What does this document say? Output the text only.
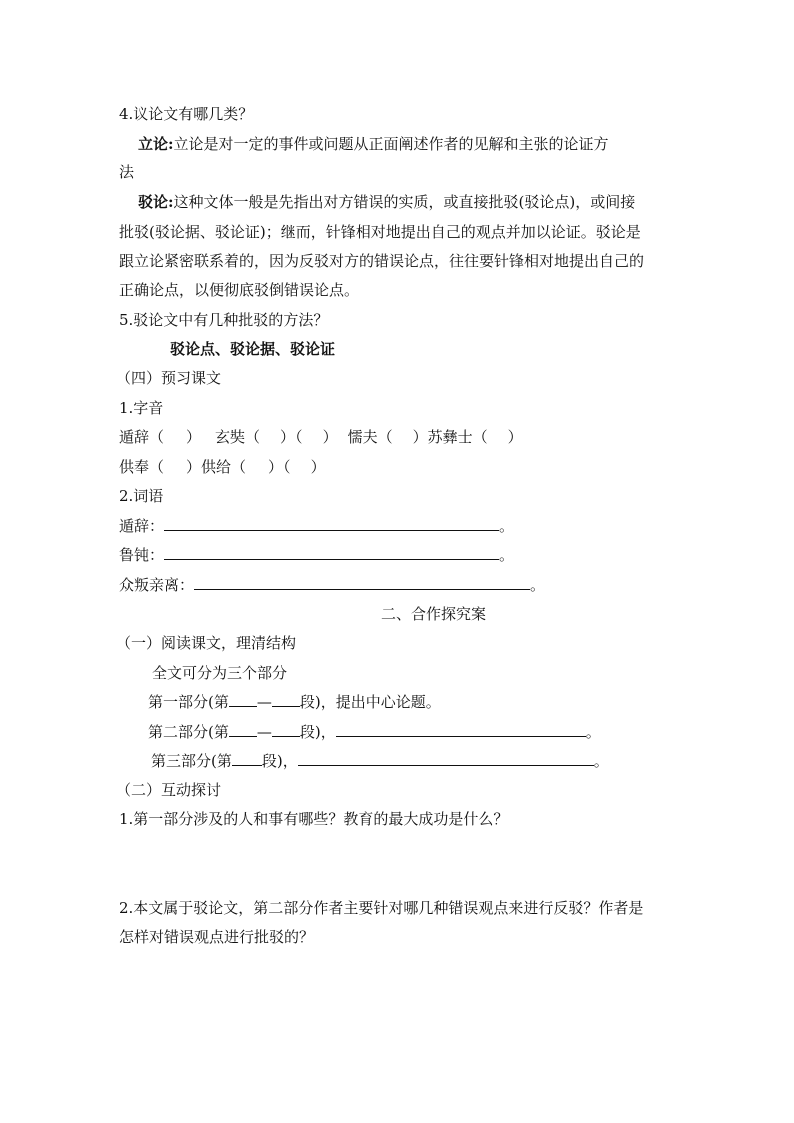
4.议论文有哪几类？
立论:立论是对一定的事件或问题从正面阐述作者的见解和主张的论证方
法
驳论:这种文体一般是先指出对方错误的实质，或直接批驳(驳论点)，或间接
批驳(驳论据、驳论证)；继而，针锋相对地提出自己的观点并加以论证。驳论是
跟立论紧密联系着的，因为反驳对方的错误论点，往往要针锋相对地提出自己的
正确论点，以便彻底驳倒错误论点。
5.驳论文中有几种批驳的方法？
驳论点、驳论据、驳论证
（四）预习课文
1.字音
遁辞（ ） 玄奘（ ）（ ） 懦夫（ ）苏彝士（ ）
供奉（ ）供给（ ）（ ）
2.词语
遁辞：	。
鲁钝：	。
众叛亲离：	。
二、合作探究案
（一）阅读课文，理清结构
全文可分为三个部分
第一部分(第 — 段)，提出中心论题。
第二部分(第 — 段)，	。
第三部分(第 段)，	。
（二）互动探讨
1.第一部分涉及的人和事有哪些？教育的最大成功是什么？
2.本文属于驳论文，第二部分作者主要针对哪几种错误观点来进行反驳？作者是
怎样对错误观点进行批驳的？
